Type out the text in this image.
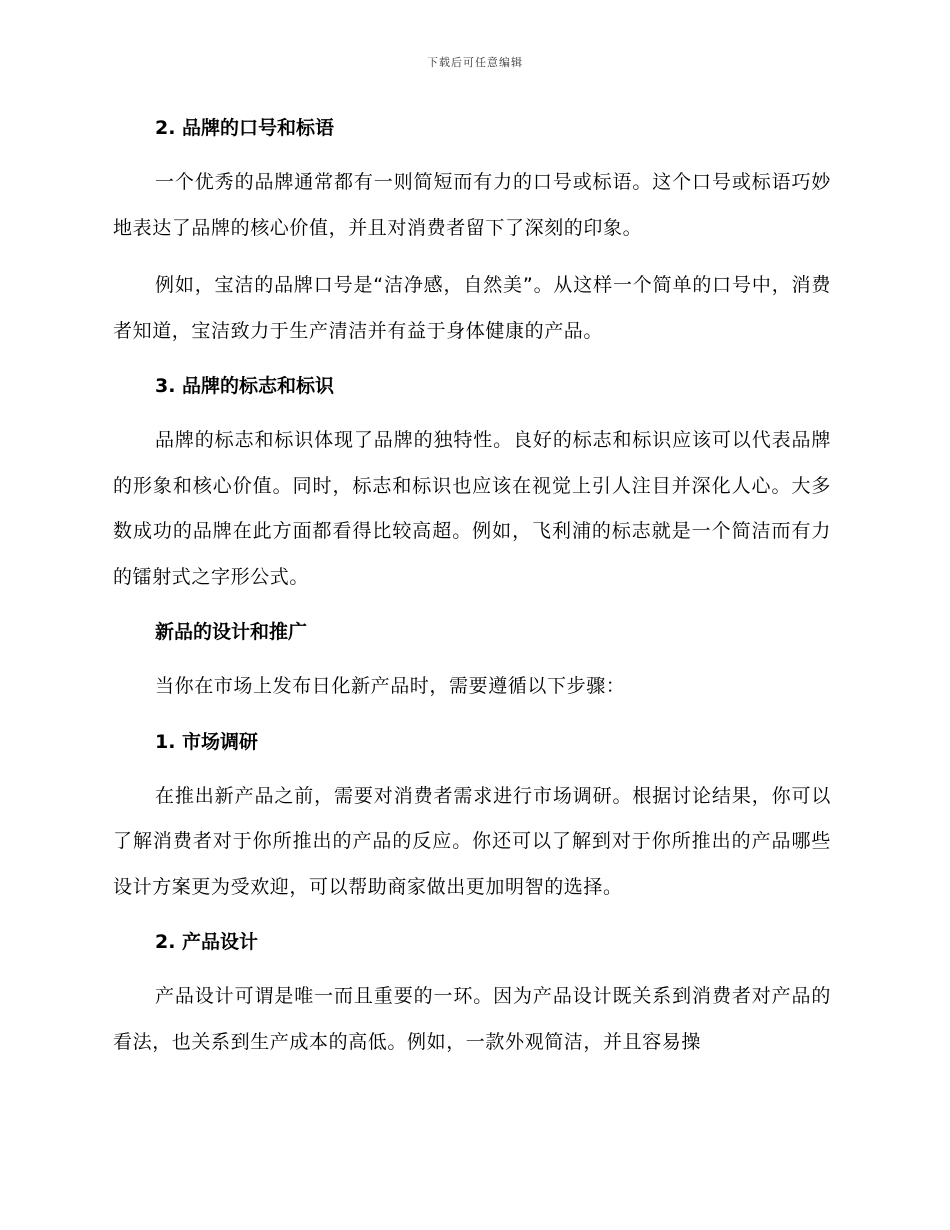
下载后可任意编辑
2. 品牌的口号和标语
一个优秀的品牌通常都有一则简短而有力的口号或标语。这个口号或标语巧妙地表达了品牌的核心价值，并且对消费者留下了深刻的印象。
例如，宝洁的品牌口号是“洁净感，自然美”。从这样一个简单的口号中，消费者知道，宝洁致力于生产清洁并有益于身体健康的产品。
3. 品牌的标志和标识
品牌的标志和标识体现了品牌的独特性。良好的标志和标识应该可以代表品牌的形象和核心价值。同时，标志和标识也应该在视觉上引人注目并深化人心。大多数成功的品牌在此方面都看得比较高超。例如，飞利浦的标志就是一个简洁而有力的镭射式之字形公式。
新品的设计和推广
当你在市场上发布日化新产品时，需要遵循以下步骤：
1. 市场调研
在推出新产品之前，需要对消费者需求进行市场调研。根据讨论结果，你可以了解消费者对于你所推出的产品的反应。你还可以了解到对于你所推出的产品哪些设计方案更为受欢迎，可以帮助商家做出更加明智的选择。
2. 产品设计
产品设计可谓是唯一而且重要的一环。因为产品设计既关系到消费者对产品的看法，也关系到生产成本的高低。例如，一款外观简洁，并且容易操
